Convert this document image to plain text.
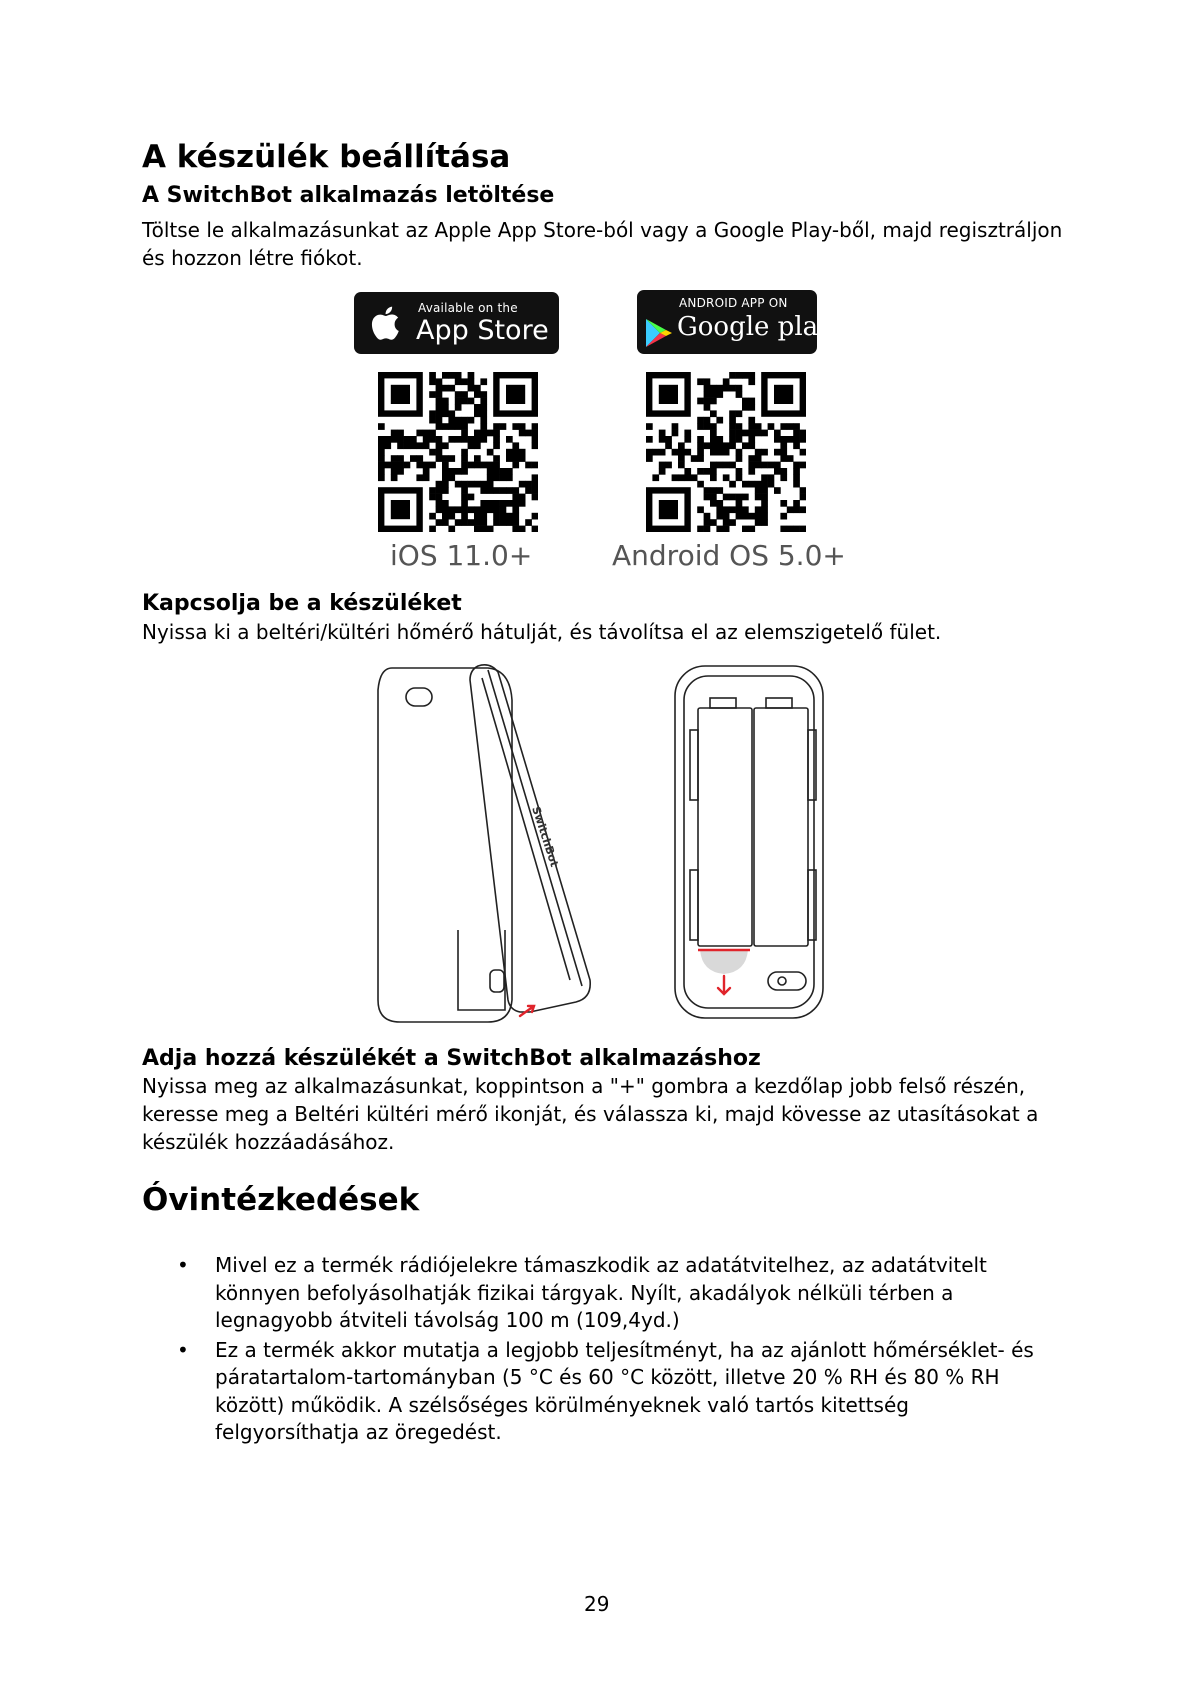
A készülék beállítása
A SwitchBot alkalmazás letöltése

Töltse le alkalmazásunkat az Apple App Store-ból vagy a Google Play-ből, majd regisztráljon és hozzon létre fiókot.

Available on the
App Store
ANDROID APP ON
Google play
iOS 11.0+	Android OS 5.0+
Kapcsolja be a készüléket

Nyissa ki a beltéri/kültéri hőmérő hátulját, és távolítsa el az elemszigetelő fület.

SwitchBot
Adja hozzá készülékét a SwitchBot alkalmazáshoz

Nyissa meg az alkalmazásunkat, koppintson a "+" gombra a kezdőlap jobb felső részén, keresse meg a Beltéri kültéri mérő ikonját, és válassza ki, majd kövesse az utasításokat a készülék hozzáadásához.

Óvintézkedések
• Mivel ez a termék rádiójelekre támaszkodik az adatátvitelhez, az adatátvitelt könnyen befolyásolhatják fizikai tárgyak. Nyílt, akadályok nélküli térben a legnagyobb átviteli távolság 100 m (109,4yd.)
• Ez a termék akkor mutatja a legjobb teljesítményt, ha az ajánlott hőmérséklet- és páratartalom-tartományban (5 °C és 60 °C között, illetve 20 % RH és 80 % RH között) működik. A szélsőséges körülményeknek való tartós kitettség felgyorsíthatja az öregedést.
29
